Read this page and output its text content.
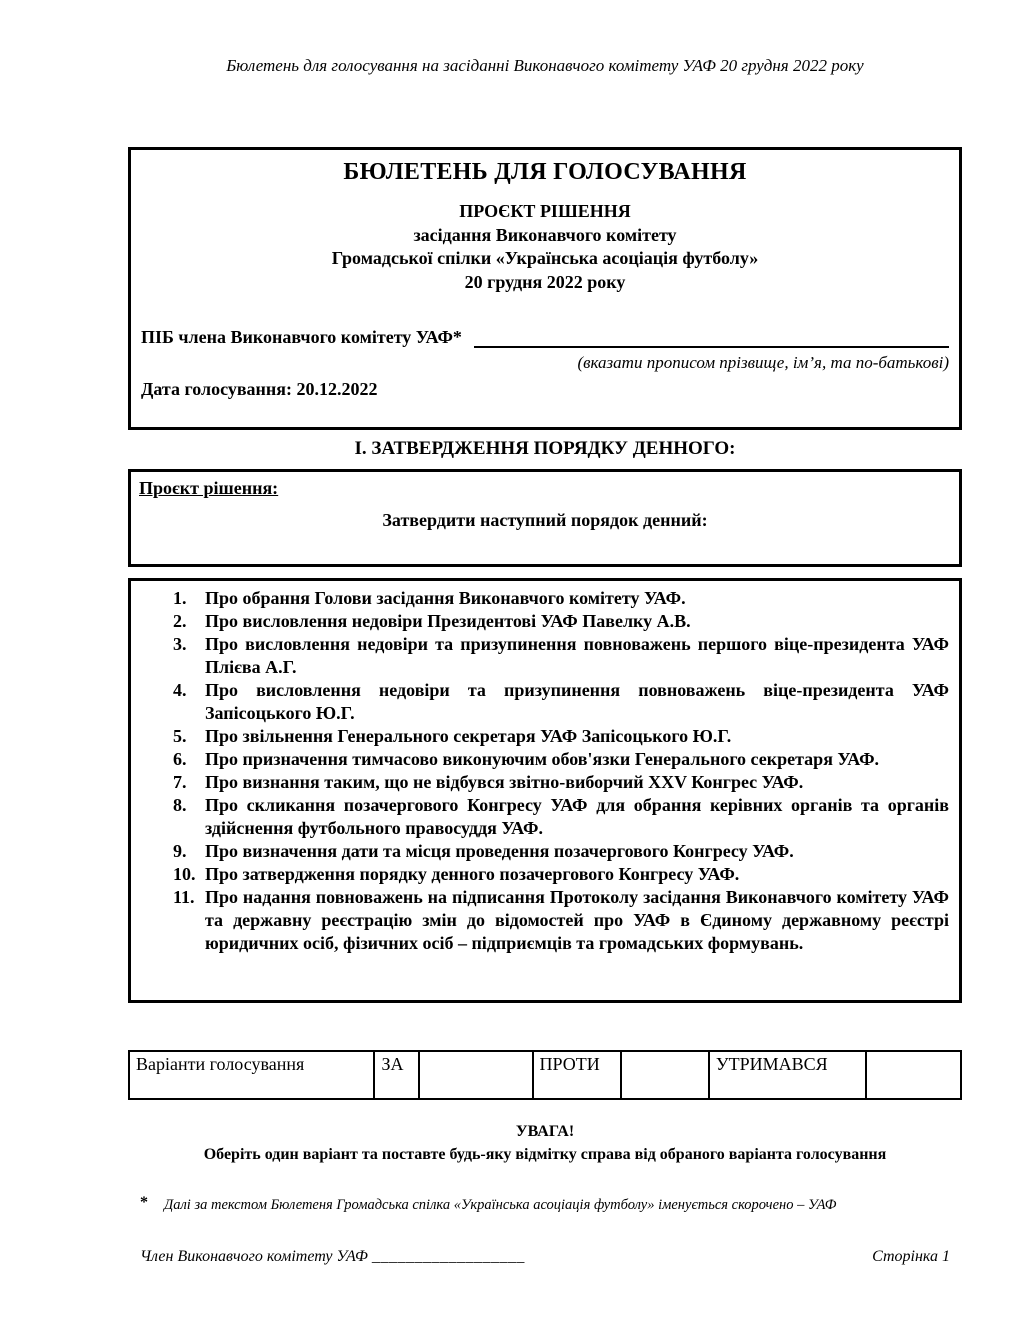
Бюлетень для голосування на засіданні Виконавчого комітету УАФ 20 грудня 2022 року
БЮЛЕТЕНЬ ДЛЯ ГОЛОСУВАННЯ
ПРОЄКТ РІШЕННЯ
засідання Виконавчого комітету
Громадської спілки «Українська асоціація футболу»
20 грудня 2022 року
ПІБ члена Виконавчого комітету УАФ*
(вказати прописом прізвище, ім’я, та по-батькові)
Дата голосування: 20.12.2022
І. ЗАТВЕРДЖЕННЯ ПОРЯДКУ ДЕННОГО:
Проєкт рішення:
Затвердити наступний порядок денний:
1. Про обрання Голови засідання Виконавчого комітету УАФ.
2. Про висловлення недовіри Президентові УАФ Павелку А.В.
3. Про висловлення недовіри та призупинення повноважень першого віце-президента УАФ Плієва А.Г.
4. Про висловлення недовіри та призупинення повноважень віце-президента УАФ Запісоцького Ю.Г.
5. Про звільнення Генерального секретаря УАФ Запісоцького Ю.Г.
6. Про призначення тимчасово виконуючим обов'язки Генерального секретаря УАФ.
7. Про визнання таким, що не відбувся звітно-виборчий XXV Конгрес УАФ.
8. Про скликання позачергового Конгресу УАФ для обрання керівних органів та органів здійснення футбольного правосуддя УАФ.
9. Про визначення дати та місця проведення позачергового Конгресу УАФ.
10. Про затвердження порядку денного позачергового Конгресу УАФ.
11. Про надання повноважень на підписання Протоколу засідання Виконавчого комітету УАФ та державну реєстрацію змін до відомостей про УАФ в Єдиному державному реєстрі юридичних осіб, фізичних осіб – підприємців та громадських формувань.
Варіанти голосування	ЗА		ПРОТИ		УТРИМАВСЯ	
УВАГА!
Оберіть один варіант та поставте будь-яку відмітку справа від обраного варіанта голосування
* Далі за текстом Бюлетеня Громадська спілка «Українська асоціація футболу» іменується скорочено – УАФ
Член Виконавчого комітету УАФ __________________	Сторінка 1
